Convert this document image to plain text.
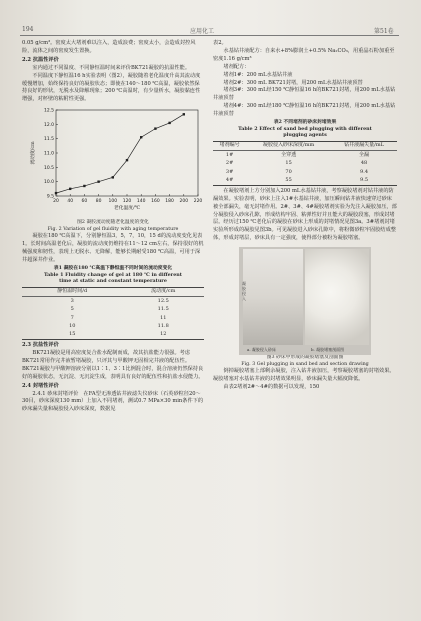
194	应用化工	第51卷

0.05 g/cm³。密度太大堵剂难以注入，造成浪费；密度太小，会造成封控风险，流体之间的密度发生置换。

2.2 抗温性评价

室内通过不同温度、不同静恒温时间来评价BK721凝胶的抗温性能。

不同温度下静恒温16 h实验表明（图2），凝胶随着老化温度升高其流动度缓慢增加，始终保持良好的凝胶状态；即使在140～180 ℃高温，凝胶依然保持良好的形状，无脱水及降解现象；200 ℃高温时，有少量析水，凝胶黏连性增强，对杯壁的粘附性更强。

9.5
10.0
10.5
11.0
11.5
12.0
12.5
20 40 60 80 100 120 140 160 180 200 220
老化温度/℃
流动度/cm
图2 凝胶流动度随老化温度的变化
Fig. 2 Variation of gel fluidity with aging temperature

凝胶在180 ℃高温下，分别静恒温3，5，7，10，15 d的流动度变化见表1。长时间高温老化后，凝胶的流动度仍维持在11～12 cm左右，保持很好的机械强度和韧性，表现上无脱水、无降解，能够长期耐受180 ℃高温，可用于深井超深井作业。

表1 凝胶在180 ℃高温下静恒温不同时间的流动度变化
Table 1 Fluidity change of gel at 180 ℃ in different
time at static and constant temperature
静恒温时间/d	流动度/cm
3	12.5
5	11.5
7	11
10	11.8
15	12

2.3 抗盐性评价

BK721凝胶是用高密度复合盐水配制而成，故其抗盐能力很强。考虑BK721常用作完井液暂堵凝胶，只评其与甲酸钾无固相完井液的配伍性。BK721凝胶与甲酸钾溶液分别以1∶1、3∶1比例混合时，混合溶液仍然保持良好的凝胶状态，无沉淀、无沉淀生成，表明具有良好的配伍性和抗盐水侵能力。

2.4 封堵性评价

2.4.1 砂床封堵评价　在FA型无渗透钻井液滤失仪砂床（石英砂粒径20～30目，砂床深度130 mm）上加入不同堵剂，测试0.7 MPa×30 min条件下的砂床漏失量和凝胶侵入砂床深度，数据见

表2。

水基钻井液配方：自来水+8%膨润土+0.5% Na₂CO₃，用重晶石粉加重至密度1.16 g/cm³

堵剂配方：

堵剂1#：200 mL水基钻井液

堵剂2#：300 mL BK721封堵，用200 mL水基钻井液顶替

堵剂3#：300 mL经150 ℃静恒温16 h的BK721封堵，用200 mL水基钻井液顶替

堵剂4#：300 mL经180 ℃静恒温16 h的BK721封堵，用200 mL水基钻井液顶替

表2 不同堵剂的砂床封堵效果
Table 2 Effect of sand bed plugging with different
plugging agents
堵剂编号	凝胶侵入砂床深度/mm	钻井液漏失量/mL
1#	全穿透	全漏
2#	15	48
3#	70	9.4
4#	55	9.5

在凝胶堵剂上方分别加入200 mL水基钻井液，考察凝胶堵剂对钻井液的防漏效果。实验表明，砂床上注入1#水基钻井液，加压瞬间钻井液快速穿过砂床被全部漏失，毫无封堵作用。2#、3#、4#凝胶堵剂实验为先注入凝胶加压，部分凝胶侵入砂床孔隙，形成结构牢固、粘弹性好并且能大的凝胶段塞，形成封堵层。经历过150 ℃老化后的凝胶在砂床上形成的封堵情况见图3a。3#堵剂封堵实验所形成的凝胶见图3b。可见凝胶进入砂床孔隙中，将粉微砂粒牢固胶结成整体，形成封堵层，砂床具有一定强度，使得部分被粉为凝胶堵塞。

凝胶侵入
a. 凝胶侵入砂床	b. 凝胶堵塞剖面图
图3 砂床中形成的凝胶堵塞及剖面图
Fig. 3 Gel plugging in sand bed and section drawing

倒掉凝胶堵塞上部剩余凝胶，注入钻井液加压，考察凝胶堵塞的封堵效果。凝胶堵塞对水基钻井液的封堵效果明显，砂床漏失量大幅度降低。

由表2堵剂2#～4#的数据可以发现，150
